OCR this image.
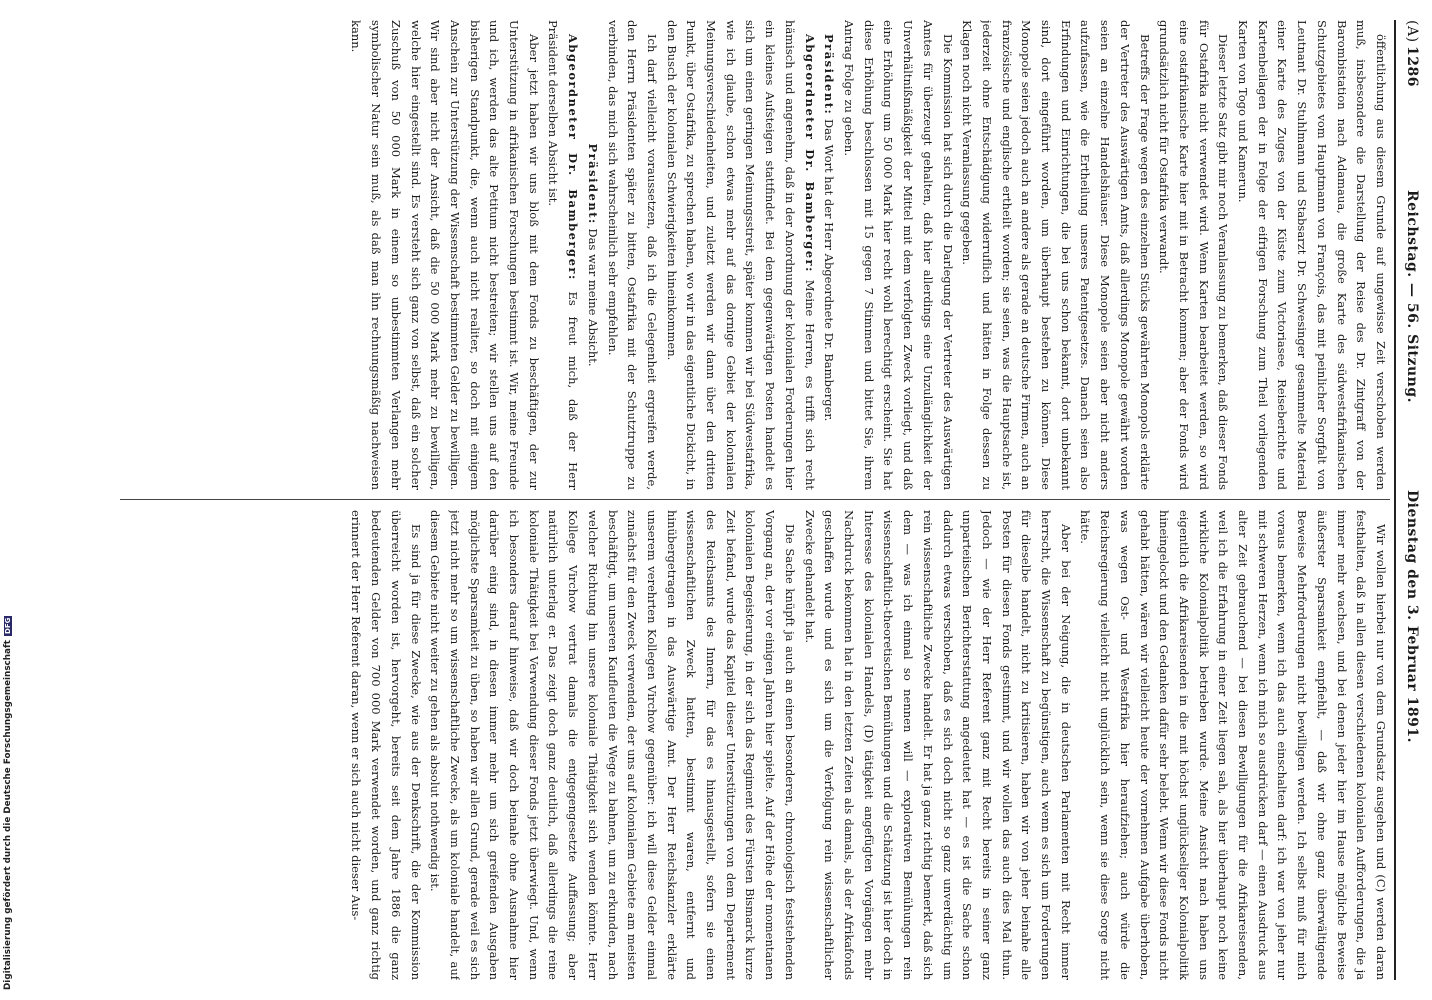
(A)
1286
Reichstag. — 56. Sitzung.
Dienstag den 3. Februar 1891.

öffentlichung aus diesem Grunde auf ungewisse Zeit verschoben werden muß, insbesondere die Darstellung der Reise des Dr. Zintgraff von der Barombistation nach Adamaua, die große Karte des südwestafrikanischen Schutzgebietes vom Hauptmann von François, das mit peinlicher Sorgfalt von Leutnant Dr. Stuhlmann und Stabsarzt Dr. Schwesinger gesammelte Material einer Karte des Zuges von der Küste zum Victoriasee, Reiseberichte und Kartenbeilagen der in Folge der eifrigen Forschung zum Theil vorliegenden Karten von Togo und Kamerun.

Dieser letzte Satz gibt mir noch Veranlassung zu bemerken, daß dieser Fonds für Ostafrika nicht verwendet wird. Wenn Karten bearbeitet werden, so wird eine ostafrikanische Karte hier mit in Betracht kommen; aber der Fonds wird grundsätzlich nicht für Ostafrika verwandt.

Betreffs der Frage wegen des einzelnen Stücks gewährten Monopols erklärte der Vertreter des Auswärtigen Amts, daß allerdings Monopole gewährt worden seien an einzelne Handelshäuser. Diese Monopole seien aber nicht anders aufzufassen, wie die Ertheilung unseres Patentgesetzes. Danach seien also Erfindungen und Einrichtungen, die bei uns schon bekannt, dort unbekannt sind, dort eingeführt worden, um überhaupt bestehen zu können. Diese Monopole seien jedoch auch an andere als gerade an deutsche Firmen, auch an französische und englische ertheilt worden; sie seien, was die Hauptsache ist, jederzeit ohne Entschädigung widerruflich und hätten in Folge dessen zu Klagen noch nicht Veranlassung gegeben.

Die Kommission hat sich durch die Darlegung der Vertreter des Auswärtigen Amtes für überzeugt gehalten, daß hier allerdings eine Unzulänglichkeit der Unverhältnißmäßigkeit der Mittel mit dem verfolgten Zweck vorliegt, und daß eine Erhöhung um 50 000 Mark hier recht wohl berechtigt erscheint. Sie hat diese Erhöhung beschlossen mit 15 gegen 7 Stimmen und bittet Sie, ihrem Antrag Folge zu geben.

Präsident: Das Wort hat der Herr Abgeordnete Dr. Bamberger.

Abgeordneter Dr. Bamberger: Meine Herren, es trifft sich recht hämisch und angenehm, daß in der Anordnung der kolonialen Forderungen hier ein kleines Aufsteigen stattfindet. Bei dem gegenwärtigen Posten handelt es sich um einen geringen Meinungsstreit, später kommen wir bei Südwestafrika, wie ich glaube, schon etwas mehr auf das dornige Gebiet der kolonialen Meinungsverschiedenheiten, und zuletzt werden wir dann über den dritten Punkt, über Ostafrika, zu sprechen haben, wo wir in das eigentliche Dickicht, in den Busch der kolonialen Schwierigkeiten hineinkommen.

Ich darf vielleicht voraussetzen, daß ich die Gelegenheit ergreifen werde, den Herrn Präsidenten später zu bitten, Ostafrika mit der Schutztruppe zu verbinden, das mich sich wahrscheinlich sehr empfehlen.

Präsident: Das war meine Absicht.

Abgeordneter Dr. Bamberger: Es freut mich, daß der Herr Präsident derselben Absicht ist.

Aber jetzt haben wir uns bloß mit dem Fonds zu beschäftigen, der zur Unterstützung in afrikanischen Forschungen bestimmt ist. Wir, meine Freunde und ich, werden das alte Petitum nicht bestreiten; wir stellen uns auf den bisherigen Standpunkt, die, wenn auch nicht realiter, so doch mit einigem Anschein zur Unterstützung der Wissenschaft bestimmten Gelder zu bewilligen. Wir sind aber nicht der Ansicht, daß die 50 000 Mark mehr zu bewilligen, welche hier eingestellt sind. Es versteht sich ganz von selbst, daß ein solcher Zuschuß von 50 000 Mark in einem so unbestimmten Verlangen mehr symbolischer Natur sein muß, als daß man ihn rechnungsmäßig nachweisen kann.

Wir wollen hierbei nur von dem Grundsatz ausgehen und (C) werden daran festhalten, daß in allen diesen verschiedenen kolonialen Aufforderungen, die ja immer mehr wachsen, und bei denen jeder hier im Hause mögliche Beweise äußerster Sparsamkeit empfiehlt, — daß wir ohne ganz überwältigende Beweise Mehrforderungen nicht bewilligen werden. Ich selbst muß für mich voraus bemerken, wenn ich das auch einschalten darf: ich war von jeher nur mit schweren Herzen, wenn ich mich so ausdrücken darf — einen Ausdruck aus alter Zeit gebrauchend — bei diesen Bewilligungen für die Afrikareisenden, weil ich die Erfahrung in einer Zeit liegen sah, als hier überhaupt noch keine wirkliche Kolonialpolitik betrieben wurde. Meine Ansicht nach haben uns eigentlich die Afrikareisenden in die mit höchst unglückseliger Kolonialpolitik hineingelockt und den Gedanken dafür sehr belebt. Wenn wir diese Fonds nicht gehabt hätten, wären wir vielleicht heute der vornehmen Aufgabe überhoben, was wegen Ost- und Westafrika hier heraufziehen; auch würde die Reichsregierung vielleicht nicht unglücklich sein, wenn sie diese Sorge nicht hätte.

Aber bei der Neigung, die in deutschen Parlamenten mit Recht immer herrscht, die Wissenschaft zu begünstigen, auch wenn es sich um Forderungen für dieselbe handelt, nicht zu kritisieren, haben wir von jeher beinahe alle Posten für diesen Fonds gestimmt, und wir wollen das auch dies Mal thun. Jedoch — wie der Herr Referent ganz mit Recht bereits in seiner ganz unparteiischen Berichterstattung angedeutet hat — es ist die Sache schon dadurch etwas verschoben, daß es sich doch nicht so ganz unverdächtig um rein wissenschaftliche Zwecke handelt. Er hat ja ganz richtig bemerkt, daß sich dem — was ich einmal so nennen will — explorativen Bemühungen rein wissenschaftlich-theoretischen Bemühungen und die Schätzung ist hier doch in Interesse des kolonialen Handels, (D) tätigkeit angefügten Vorgängen mehr Nachdruck bekommen hat in den letzten Zeiten als damals, als der Afrikafonds geschaffen wurde und es sich um die Verfolgung rein wissenschaftlicher Zwecke gehandelt hat.

Die Sache knüpft ja auch an einen besonderen, chronologisch feststehenden Vorgang an, der vor einigen Jahren hier spielte. Auf der Höhe der momentanen kolonialen Begeisterung, in der sich das Regiment des Fürsten Bismarck kurze Zeit befand, wurde das Kapitel dieser Unterstützungen von dem Departement des Reichsamts des Innern, für das es hinausgestellt, sofern sie einen wissenschaftlichen Zweck hatten, bestimmt waren, entfernt und hinübergetragen in das Auswärtige Amt. Der Herr Reichskanzler erklärte unserem verehrten Kollegen Virchow gegenüber: ich will diese Gelder einmal zunächst für den Zweck verwenden, der uns auf kolonialem Gebiete am meisten beschäftigt, um unseren Kaufleuten die Wege zu bahnen, um zu erkunden, nach welcher Richtung hin unsere koloniale Thätigkeit sich wenden könnte. Herr Kollege Virchow vertrat damals die entgegengesetzte Auffassung; aber natürlich unterlag er. Das zeigt doch ganz deutlich, daß allerdings die reine koloniale Thätigkeit bei Verwendung dieser Fonds jetzt überwiegt. Und, wenn ich besonders darauf hinweise, daß wir doch beinahe ohne Ausnahme hier darüber einig sind, in diesen immer mehr um sich greifenden Ausgaben möglichste Sparsamkeit zu üben, so haben wir allen Grund, gerade weil es sich jetzt nicht mehr so um wissenschaftliche Zwecke, als um koloniale handelt, auf diesem Gebiete nicht weiter zu gehen als absolut nothwendig ist.

Es sind ja für diese Zwecke, wie aus der Denkschrift, die der Kommission überreicht worden ist, hervorgeht, bereits seit dem Jahre 1886 die ganz bedeutenden Gelder von 700 000 Mark verwendet worden, und ganz richtig erinnert der Herr Referent daran, wenn er sich auch nicht dieser Aus-

Digitalisierung gefördert durch die Deutsche ForschungsgemeinschaftDFG
